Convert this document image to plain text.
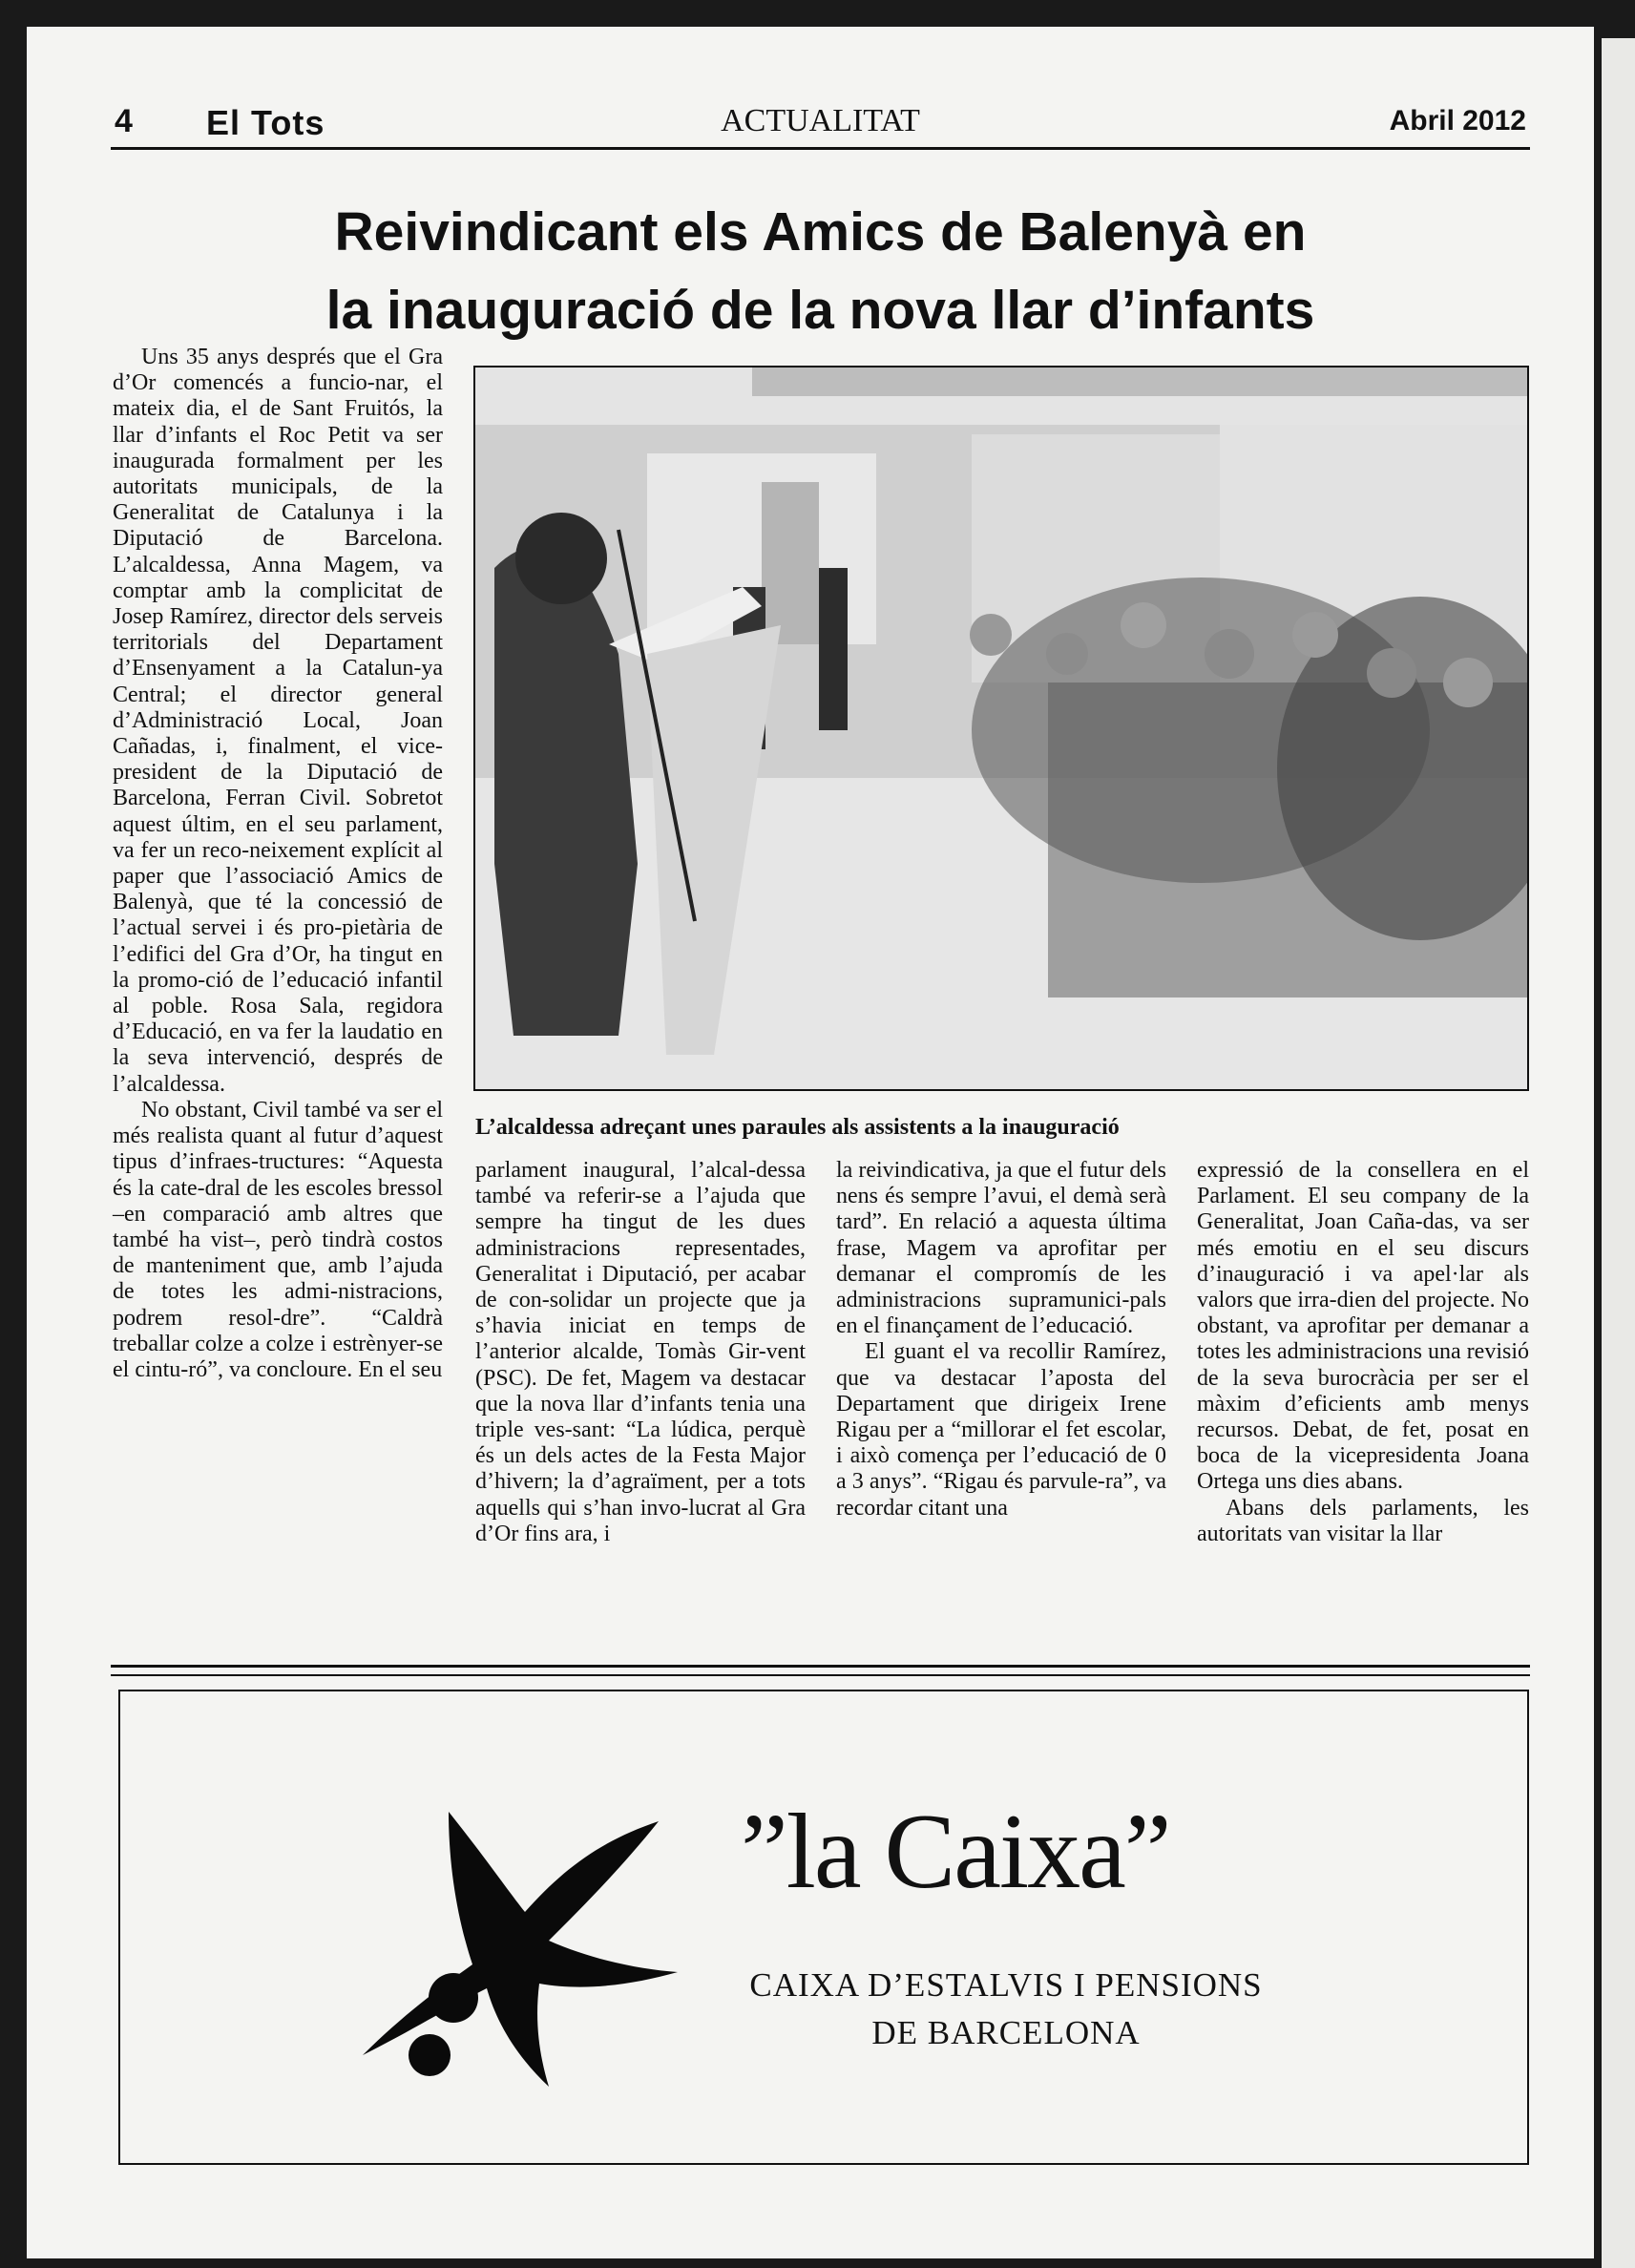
4 El Tots	ACTUALITAT	Abril 2012
Reivindicant els Amics de Balenyà en
la inauguració de la nova llar d’infants

Uns 35 anys després que el Gra d’Or comencés a funcio-nar, el mateix dia, el de Sant Fruitós, la llar d’infants el Roc Petit va ser inaugurada formalment per les autoritats municipals, de la Generalitat de Catalunya i la Diputació de Barcelona. L’alcaldessa, Anna Magem, va comptar amb la complicitat de Josep Ramírez, director dels serveis territorials del Departament d’Ensenyament a la Catalun-ya Central; el director general d’Administració Local, Joan Cañadas, i, finalment, el vice-president de la Diputació de Barcelona, Ferran Civil. Sobretot aquest últim, en el seu parlament, va fer un reco-neixement explícit al paper que l’associació Amics de Balenyà, que té la concessió de l’actual servei i és pro-pietària de l’edifici del Gra d’Or, ha tingut en la promo-ció de l’educació infantil al poble. Rosa Sala, regidora d’Educació, en va fer la laudatio en la seva intervenció, després de l’alcaldessa.

No obstant, Civil també va ser el més realista quant al futur d’aquest tipus d’infraes-tructures: “Aquesta és la cate-dral de les escoles bressol –en comparació amb altres que també ha vist–, però tindrà costos de manteniment que, amb l’ajuda de totes les admi-nistracions, podrem resol-dre”. “Caldrà treballar colze a colze i estrènyer-se el cintu-ró”, va concloure. En el seu

L’alcaldessa adreçant unes paraules als assistents a la inauguració

parlament inaugural, l’alcal-dessa també va referir-se a l’ajuda que sempre ha tingut de les dues administracions representades, Generalitat i Diputació, per acabar de con-solidar un projecte que ja s’havia iniciat en temps de l’anterior alcalde, Tomàs Gir-vent (PSC). De fet, Magem va destacar que la nova llar d’infants tenia una triple ves-sant: “La lúdica, perquè és un dels actes de la Festa Major d’hivern; la d’agraïment, per a tots aquells qui s’han invo-lucrat al Gra d’Or fins ara, i

la reivindicativa, ja que el futur dels nens és sempre l’avui, el demà serà tard”. En relació a aquesta última frase, Magem va aprofitar per demanar el compromís de les administracions supramunici-pals en el finançament de l’educació.

El guant el va recollir Ramírez, que va destacar l’aposta del Departament que dirigeix Irene Rigau per a “millorar el fet escolar, i això comença per l’educació de 0 a 3 anys”. “Rigau és parvule-ra”, va recordar citant una

expressió de la consellera en el Parlament. El seu company de la Generalitat, Joan Caña-das, va ser més emotiu en el seu discurs d’inauguració i va apel·lar als valors que irra-dien del projecte. No obstant, va aprofitar per demanar a totes les administracions una revisió de la seva burocràcia per ser el màxim d’eficients amb menys recursos. Debat, de fet, posat en boca de la vicepresidenta Joana Ortega uns dies abans.

Abans dels parlaments, les autoritats van visitar la llar

”la Caixa”
CAIXA D’ESTALVIS I PENSIONS
DE BARCELONA
